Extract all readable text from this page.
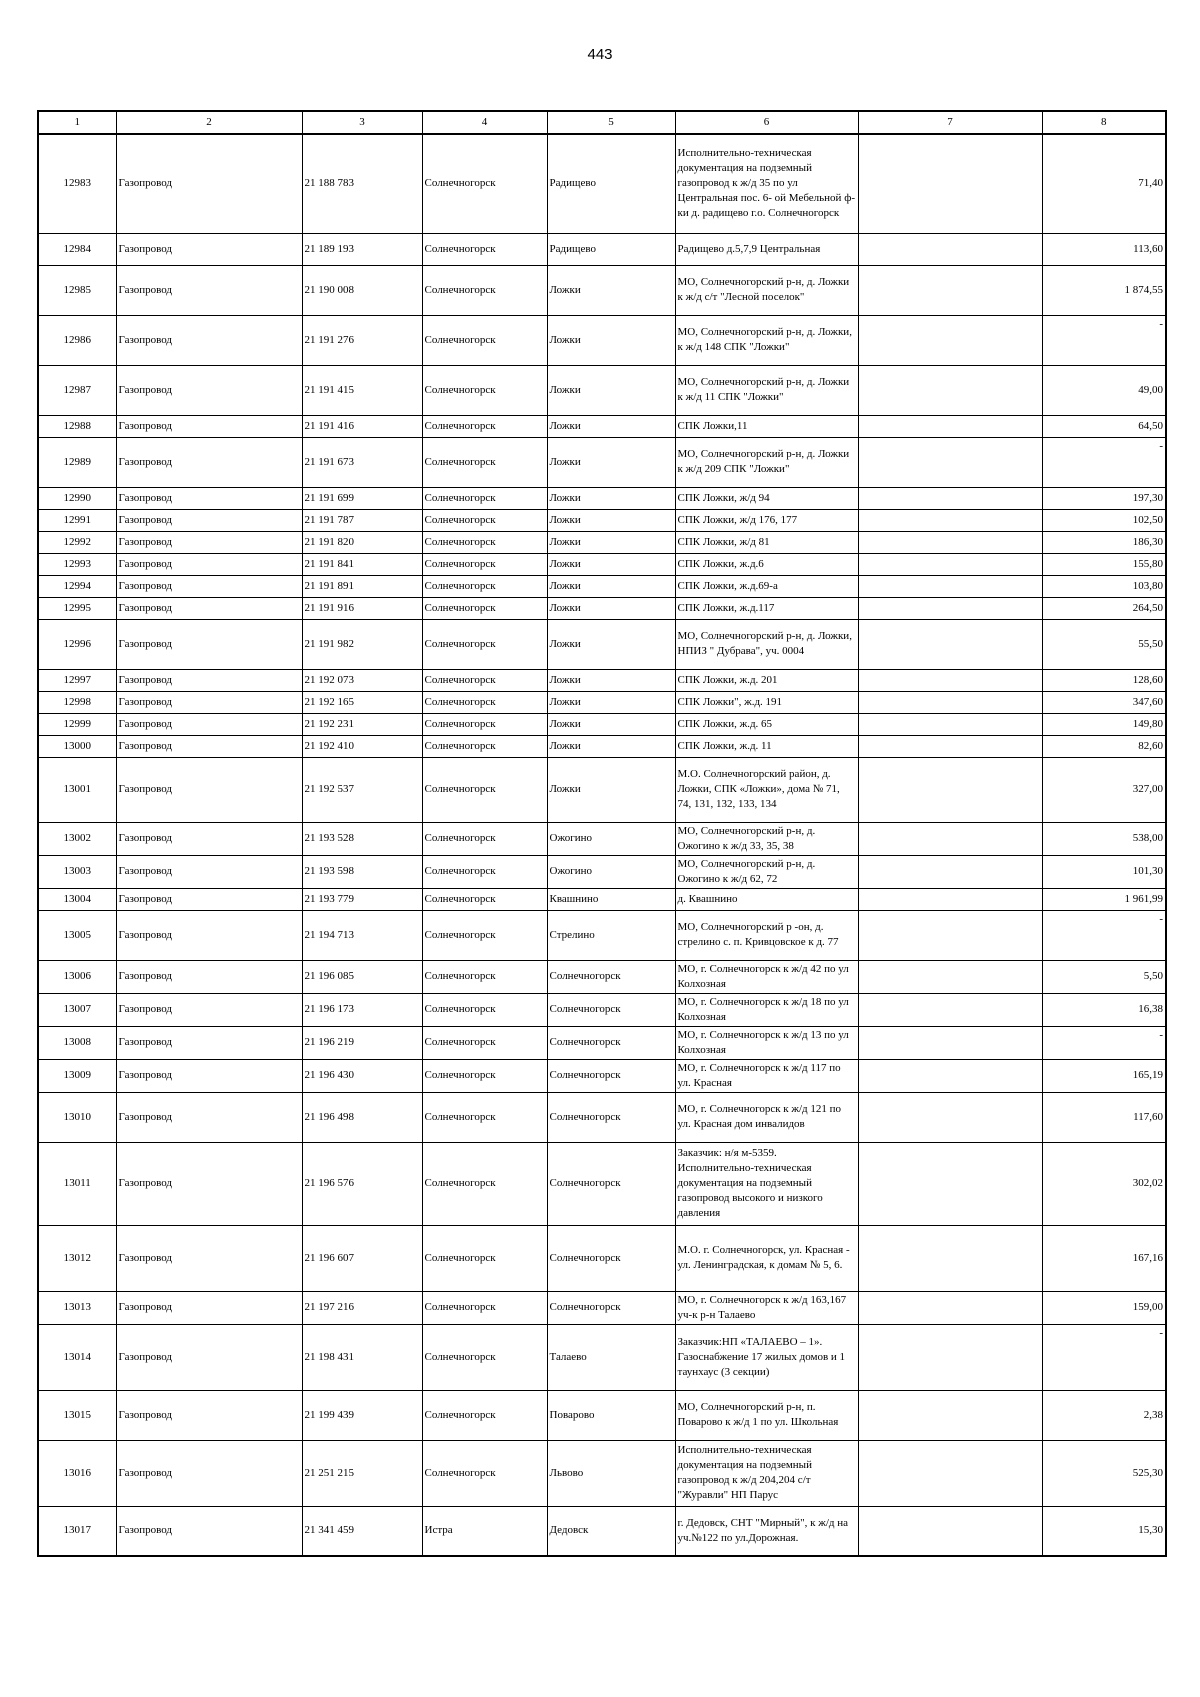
443
1	2	3	4	5	6	7	8
12983	Газопровод	21 188 783	Солнечногорск	Радищево	Исполнительно-техническая документация на подземный газопровод к ж/д 35 по ул Центральная пос. 6- ой Мебельной ф-ки д. радищево г.о. Солнечногорск		71,40
12984	Газопровод	21 189 193	Солнечногорск	Радищево	Радищево д.5,7,9 Центральная		113,60
12985	Газопровод	21 190 008	Солнечногорск	Ложки	МО, Солнечногорский р-н, д. Ложки к ж/д с/т "Лесной поселок"		1 874,55
12986	Газопровод	21 191 276	Солнечногорск	Ложки	МО, Солнечногорский р-н, д. Ложки, к ж/д 148 СПК "Ложки"		-
12987	Газопровод	21 191 415	Солнечногорск	Ложки	МО, Солнечногорский р-н, д. Ложки к ж/д 11 СПК "Ложки"		49,00
12988	Газопровод	21 191 416	Солнечногорск	Ложки	СПК Ложки,11		64,50
12989	Газопровод	21 191 673	Солнечногорск	Ложки	МО, Солнечногорский р-н, д. Ложки к ж/д 209 СПК "Ложки"		-
12990	Газопровод	21 191 699	Солнечногорск	Ложки	СПК Ложки, ж/д 94		197,30
12991	Газопровод	21 191 787	Солнечногорск	Ложки	СПК Ложки, ж/д 176, 177		102,50
12992	Газопровод	21 191 820	Солнечногорск	Ложки	СПК Ложки, ж/д 81		186,30
12993	Газопровод	21 191 841	Солнечногорск	Ложки	СПК Ложки, ж.д.6		155,80
12994	Газопровод	21 191 891	Солнечногорск	Ложки	СПК Ложки, ж.д.69-а		103,80
12995	Газопровод	21 191 916	Солнечногорск	Ложки	СПК Ложки, ж.д.117		264,50
12996	Газопровод	21 191 982	Солнечногорск	Ложки	МО, Солнечногорский р-н, д. Ложки, НПИЗ " Дубрава", уч. 0004		55,50
12997	Газопровод	21 192 073	Солнечногорск	Ложки	СПК Ложки, ж.д. 201		128,60
12998	Газопровод	21 192 165	Солнечногорск	Ложки	СПК Ложки", ж.д. 191		347,60
12999	Газопровод	21 192 231	Солнечногорск	Ложки	СПК Ложки, ж.д. 65		149,80
13000	Газопровод	21 192 410	Солнечногорск	Ложки	СПК Ложки, ж.д. 11		82,60
13001	Газопровод	21 192 537	Солнечногорск	Ложки	М.О. Солнечногорский район, д. Ложки, СПК «Ложки», дома № 71, 74, 131, 132, 133, 134		327,00
13002	Газопровод	21 193 528	Солнечногорск	Ожогино	МО, Солнечногорский р-н, д. Ожогино к ж/д 33, 35, 38		538,00
13003	Газопровод	21 193 598	Солнечногорск	Ожогино	МО, Солнечногорский р-н, д. Ожогино к ж/д 62, 72		101,30
13004	Газопровод	21 193 779	Солнечногорск	Квашнино	д. Квашнино		1 961,99
13005	Газопровод	21 194 713	Солнечногорск	Стрелино	МО, Солнечногорский р -он, д. стрелино с. п. Кривцовское к д. 77		-
13006	Газопровод	21 196 085	Солнечногорск	Солнечногорск	МО, г. Солнечногорск к ж/д 42 по ул Колхозная		5,50
13007	Газопровод	21 196 173	Солнечногорск	Солнечногорск	МО, г. Солнечногорск к ж/д 18 по ул Колхозная		16,38
13008	Газопровод	21 196 219	Солнечногорск	Солнечногорск	МО, г. Солнечногорск к ж/д 13 по ул Колхозная		-
13009	Газопровод	21 196 430	Солнечногорск	Солнечногорск	МО, г. Солнечногорск к ж/д 117 по ул. Красная		165,19
13010	Газопровод	21 196 498	Солнечногорск	Солнечногорск	МО, г. Солнечногорск к ж/д 121 по ул. Красная дом инвалидов		117,60
13011	Газопровод	21 196 576	Солнечногорск	Солнечногорск	Заказчик: н/я м-5359. Исполнительно-техническая документация на подземный газопровод высокого и низкого давления		302,02
13012	Газопровод	21 196 607	Солнечногорск	Солнечногорск	М.О. г. Солнечногорск, ул. Красная - ул. Ленинградская, к домам № 5, 6.		167,16
13013	Газопровод	21 197 216	Солнечногорск	Солнечногорск	МО, г. Солнечногорск к ж/д 163,167 уч-к р-н Талаево		159,00
13014	Газопровод	21 198 431	Солнечногорск	Талаево	Заказчик:НП «ТАЛАЕВО – 1». Газоснабжение 17 жилых домов и 1 таунхаус (3 секции)		-
13015	Газопровод	21 199 439	Солнечногорск	Поварово	МО, Солнечногорский р-н, п. Поварово к ж/д 1 по ул. Школьная		2,38
13016	Газопровод	21 251 215	Солнечногорск	Львово	Исполнительно-техническая документация на подземный газопровод к ж/д 204,204 с/т "Журавли" НП Парус		525,30
13017	Газопровод	21 341 459	Истра	Дедовск	г. Дедовск, СНТ "Мирный", к ж/д на уч.№122 по ул.Дорожная.		15,30
